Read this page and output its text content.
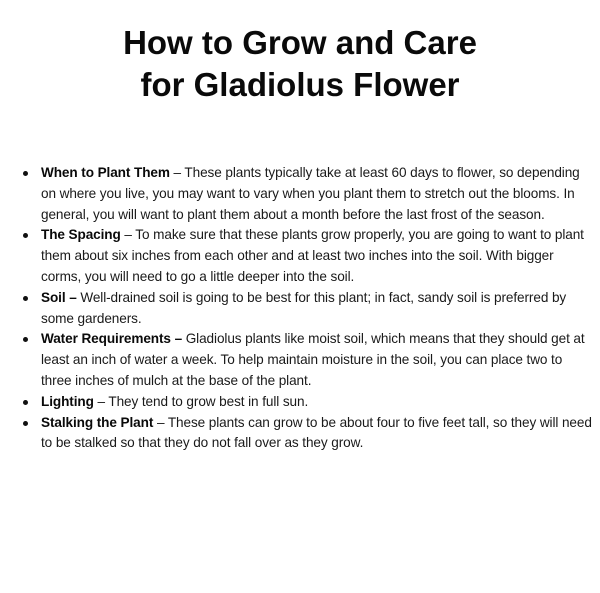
How to Grow and Care
for Gladiolus Flower
When to Plant Them – These plants typically take at least 60 days to flower, so depending on where you live, you may want to vary when you plant them to stretch out the blooms. In general, you will want to plant them about a month before the last frost of the season.
The Spacing – To make sure that these plants grow properly, you are going to want to plant them about six inches from each other and at least two inches into the soil. With bigger corms, you will need to go a little deeper into the soil.
Soil – Well-drained soil is going to be best for this plant; in fact, sandy soil is preferred by some gardeners.
Water Requirements – Gladiolus plants like moist soil, which means that they should get at least an inch of water a week. To help maintain moisture in the soil, you can place two to three inches of mulch at the base of the plant.
Lighting – They tend to grow best in full sun.
Stalking the Plant – These plants can grow to be about four to five feet tall, so they will need to be stalked so that they do not fall over as they grow.
